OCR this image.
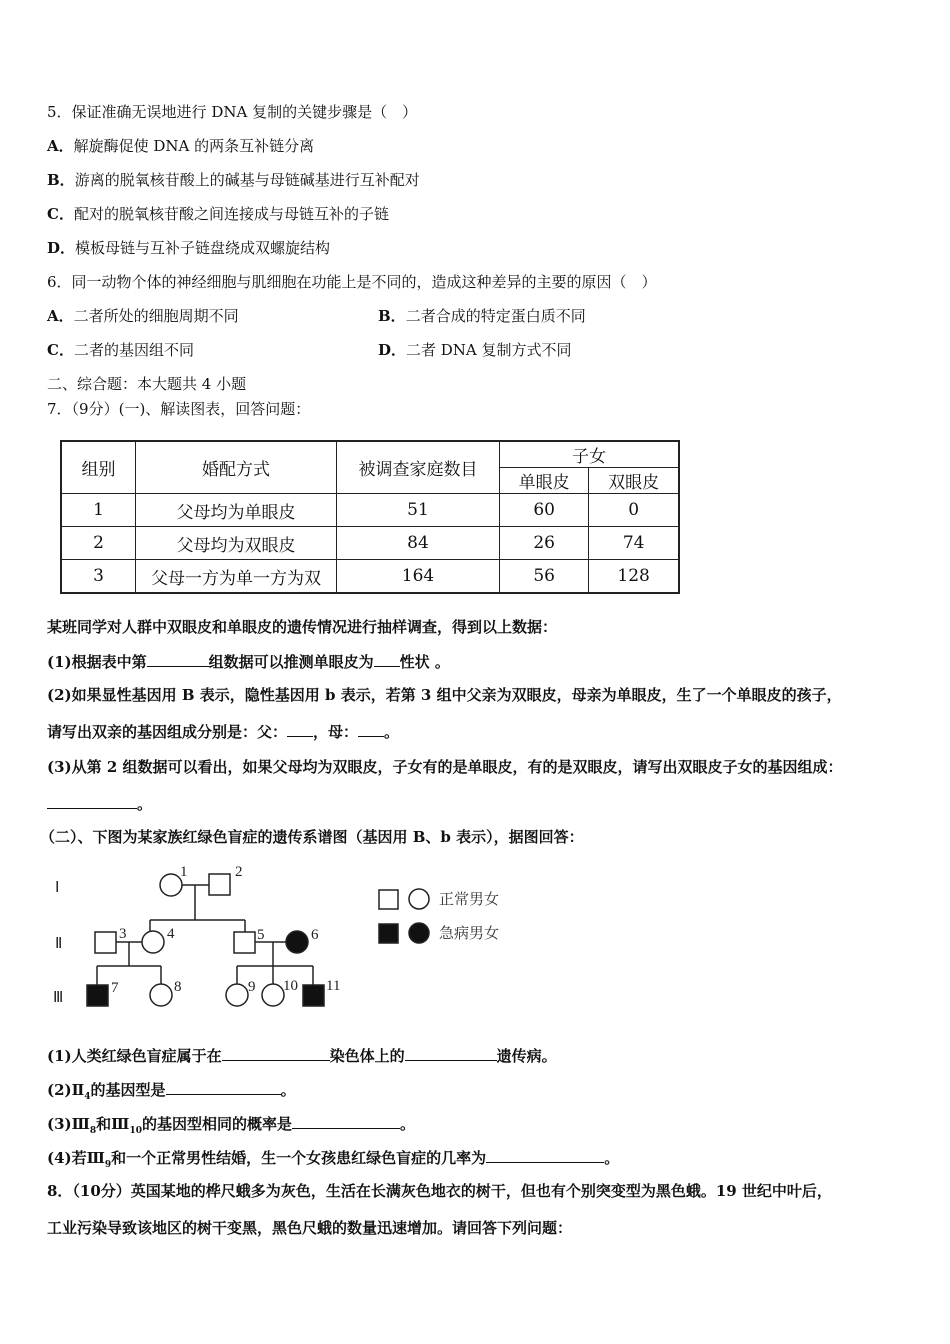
5．保证准确无误地进行 DNA 复制的关键步骤是（　）
A．解旋酶促使 DNA 的两条互补链分离
B．游离的脱氧核苷酸上的碱基与母链碱基进行互补配对
C．配对的脱氧核苷酸之间连接成与母链互补的子链
D．模板母链与互补子链盘绕成双螺旋结构
6．同一动物个体的神经细胞与肌细胞在功能上是不同的，造成这种差异的主要的原因（　）
A．二者所处的细胞周期不同	B．二者合成的特定蛋白质不同
C．二者的基因组不同	D．二者 DNA 复制方式不同
二、综合题：本大题共 4 小题
7．（9分）(一)、解读图表，回答问题：
组别	婚配方式	被调查家庭数目	子女	
			单眼皮	双眼皮
1	父母均为单眼皮	51	60	0
2	父母均为双眼皮	84	26	74
3	父母一方为单一方为双	164	56	128
某班同学对人群中双眼皮和单眼皮的遗传情况进行抽样调查，得到以上数据：
(1)根据表中第	组数据可以推测单眼皮为 性状 。
(2)如果显性基因用 B 表示，隐性基因用 b 表示，若第 3 组中父亲为双眼皮，母亲为单眼皮，生了一个单眼皮的孩子，
请写出双亲的基因组成分别是：父： ，母： 。
(3)从第 2 组数据可以看出，如果父母均为双眼皮，子女有的是单眼皮，有的是双眼皮，请写出双眼皮子女的基因组成：
。
（二）、下图为某家族红绿色盲症的遗传系谱图（基因用 B、b 表示），据图回答：
Ⅰ
Ⅱ
Ⅲ
1	2
3	4	5	6
7	8	9 10 11
正常男女
急病男女
(1)人类红绿色盲症属于在	染色体上的	遗传病。
$(2)Ⅱ_4$的基因型是	。
$(3)Ⅲ_8$和$Ⅲ_{10}$的基因型相同的概率是	。
(4)若$Ⅲ_9$和一个正常男性结婚，生一个女孩患红绿色盲症的几率为	。
8．（10分）英国某地的桦尺蛾多为灰色，生活在长满灰色地衣的树干，但也有个别突变型为黑色蛾。19 世纪中叶后，
工业污染导致该地区的树干变黑，黑色尺蛾的数量迅速增加。请回答下列问题：
